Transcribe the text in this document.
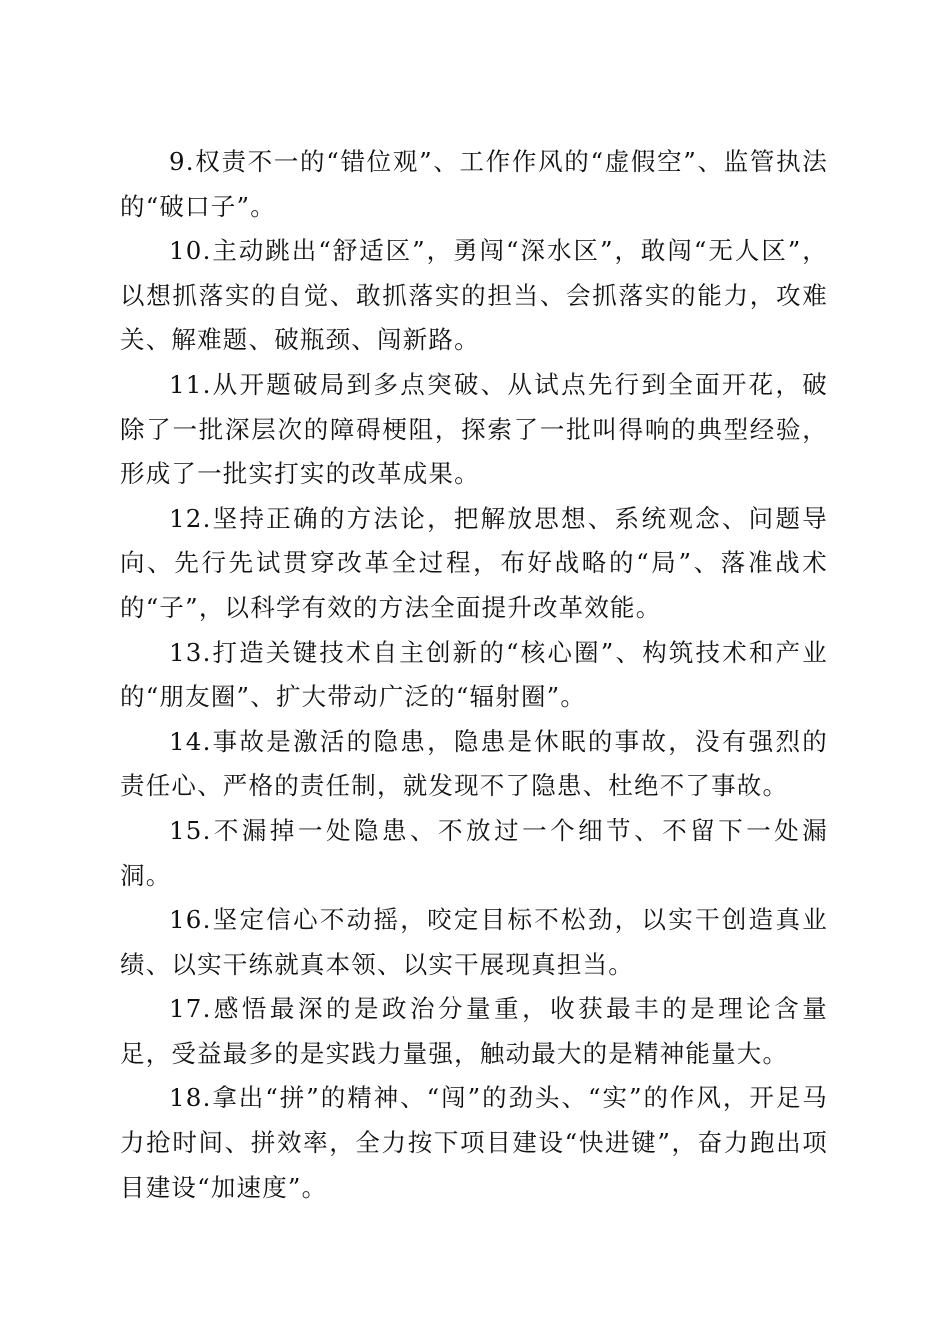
9.权责不一的“错位观”、工作作风的“虚假空”、监管执法的“破口子”。

10.主动跳出“舒适区”，勇闯“深水区”，敢闯“无人区”，以想抓落实的自觉、敢抓落实的担当、会抓落实的能力，攻难关、解难题、破瓶颈、闯新路。

11.从开题破局到多点突破、从试点先行到全面开花，破除了一批深层次的障碍梗阻，探索了一批叫得响的典型经验，形成了一批实打实的改革成果。

12.坚持正确的方法论，把解放思想、系统观念、问题导向、先行先试贯穿改革全过程，布好战略的“局”、落准战术的“子”，以科学有效的方法全面提升改革效能。

13.打造关键技术自主创新的“核心圈”、构筑技术和产业的“朋友圈”、扩大带动广泛的“辐射圈”。

14.事故是激活的隐患，隐患是休眠的事故，没有强烈的责任心、严格的责任制，就发现不了隐患、杜绝不了事故。

15.不漏掉一处隐患、不放过一个细节、不留下一处漏洞。

16.坚定信心不动摇，咬定目标不松劲，以实干创造真业绩、以实干练就真本领、以实干展现真担当。

17.感悟最深的是政治分量重，收获最丰的是理论含量足，受益最多的是实践力量强，触动最大的是精神能量大。

18.拿出“拼”的精神、“闯”的劲头、“实”的作风，开足马力抢时间、拼效率，全力按下项目建设“快进键”，奋力跑出项目建设“加速度”。
